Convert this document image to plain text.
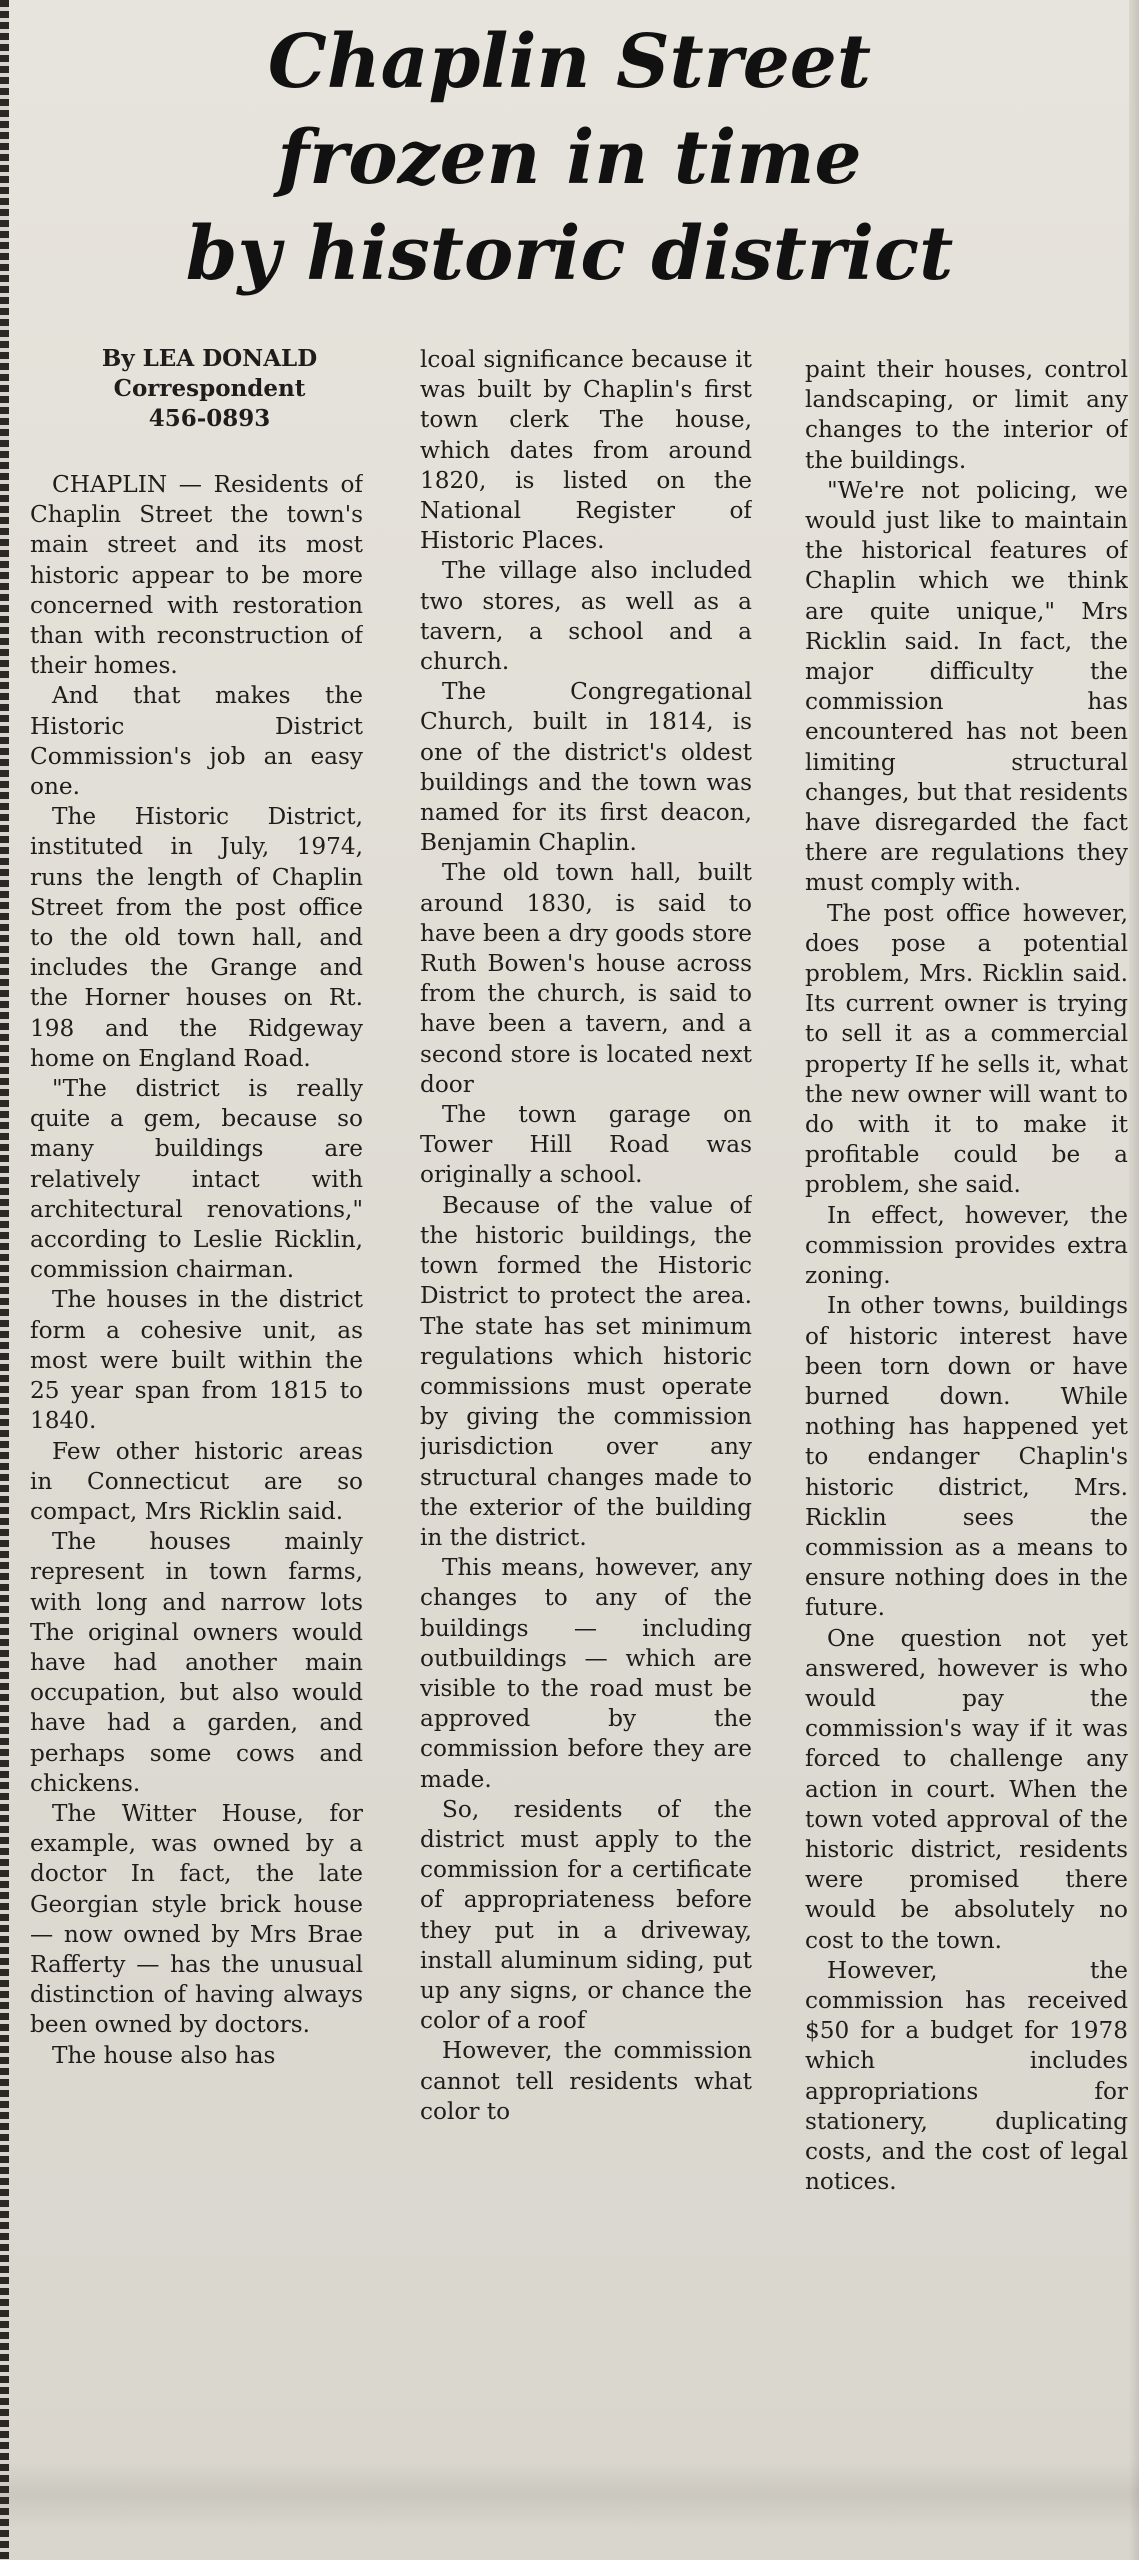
Chaplin Street
frozen in time
by historic district
By LEA DONALD
Correspondent
456-0893

CHAPLIN — Residents of Chaplin Street the town's main street and its most historic appear to be more concerned with restoration than with reconstruction of their homes.

And that makes the Historic District Commission's job an easy one.

The Historic District, instituted in July, 1974, runs the length of Chaplin Street from the post office to the old town hall, and includes the Grange and the Horner houses on Rt. 198 and the Ridgeway home on England Road.

"The district is really quite a gem, because so many buildings are relatively intact with architectural renovations," according to Leslie Ricklin, commission chairman.

The houses in the district form a cohesive unit, as most were built within the 25 year span from 1815 to 1840.

Few other historic areas in Connecticut are so compact, Mrs Ricklin said.

The houses mainly represent in town farms, with long and narrow lots The original owners would have had another main occupation, but also would have had a garden, and perhaps some cows and chickens.

The Witter House, for example, was owned by a doctor In fact, the late Georgian style brick house — now owned by Mrs Brae Rafferty — has the unusual distinction of having always been owned by doctors.

The house also has

lcoal significance because it was built by Chaplin's first town clerk The house, which dates from around 1820, is listed on the National Register of Historic Places.

The village also included two stores, as well as a tavern, a school and a church.

The Congregational Church, built in 1814, is one of the district's oldest buildings and the town was named for its first deacon, Benjamin Chaplin.

The old town hall, built around 1830, is said to have been a dry goods store Ruth Bowen's house across from the church, is said to have been a tavern, and a second store is located next door

The town garage on Tower Hill Road was originally a school.

Because of the value of the historic buildings, the town formed the Historic District to protect the area. The state has set minimum regulations which historic commissions must operate by giving the commission jurisdiction over any structural changes made to the exterior of the building in the district.

This means, however, any changes to any of the buildings — including outbuildings — which are visible to the road must be approved by the commission before they are made.

So, residents of the district must apply to the commission for a certificate of appropriateness before they put in a driveway, install aluminum siding, put up any signs, or chance the color of a roof

However, the commission cannot tell residents what color to

paint their houses, control landscaping, or limit any changes to the interior of the buildings.

"We're not policing, we would just like to maintain the historical features of Chaplin which we think are quite unique," Mrs Ricklin said. In fact, the major difficulty the commission has encountered has not been limiting structural changes, but that residents have disregarded the fact there are regulations they must comply with.

The post office however, does pose a potential problem, Mrs. Ricklin said. Its current owner is trying to sell it as a commercial property If he sells it, what the new owner will want to do with it to make it profitable could be a problem, she said.

In effect, however, the commission provides extra zoning.

In other towns, buildings of historic interest have been torn down or have burned down. While nothing has happened yet to endanger Chaplin's historic district, Mrs. Ricklin sees the commission as a means to ensure nothing does in the future.

One question not yet answered, however is who would pay the commission's way if it was forced to challenge any action in court. When the town voted approval of the historic district, residents were promised there would be absolutely no cost to the town.

However, the commission has received $50 for a budget for 1978 which includes appropriations for stationery, duplicating costs, and the cost of legal notices.
